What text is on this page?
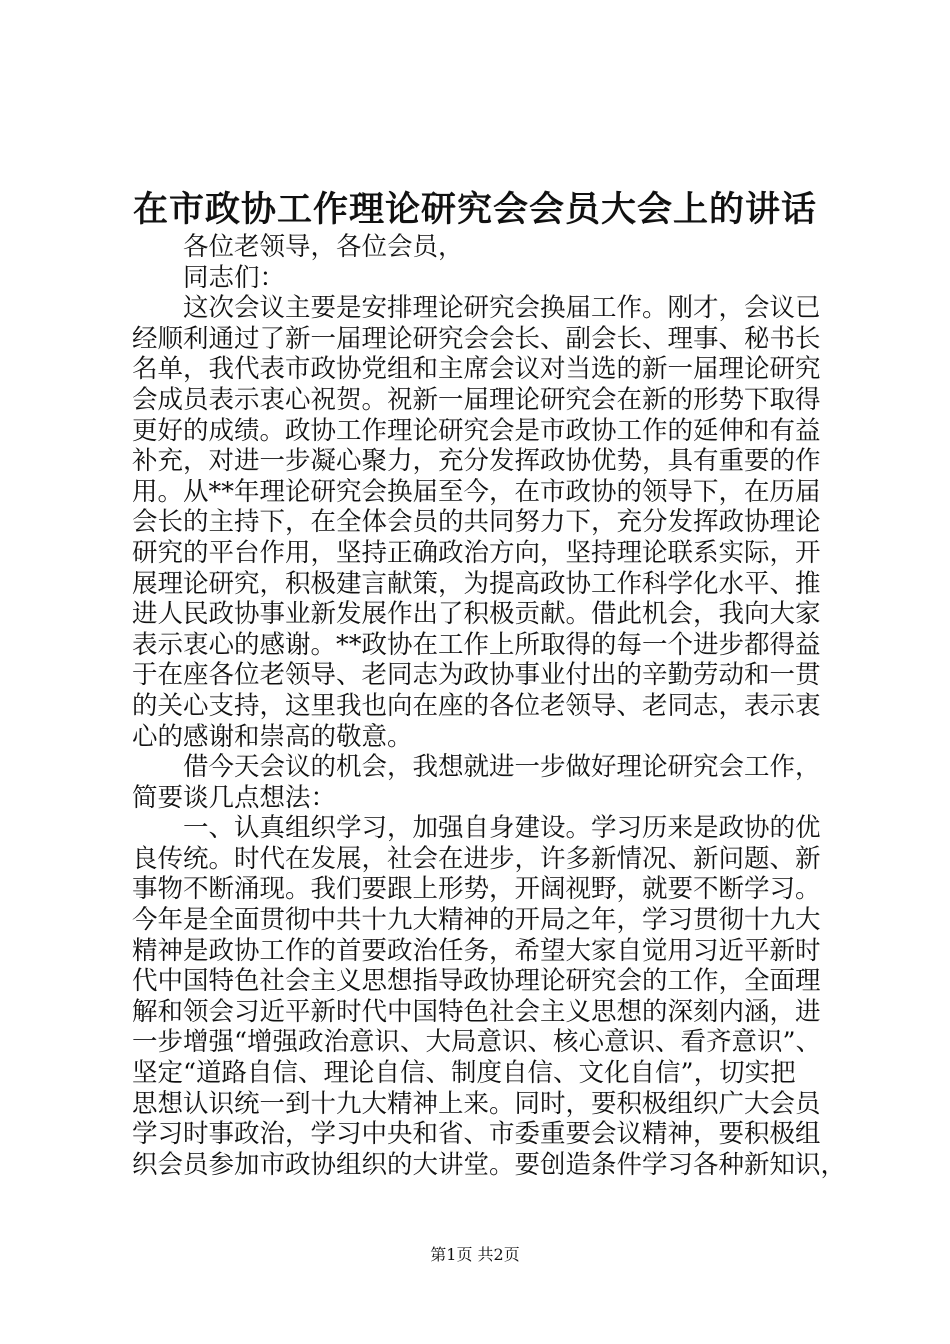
在市政协工作理论研究会会员大会上的讲话
各位老领导，各位会员，
同志们：
这次会议主要是安排理论研究会换届工作。刚才，会议已
经顺利通过了新一届理论研究会会长、副会长、理事、秘书长
名单，我代表市政协党组和主席会议对当选的新一届理论研究
会成员表示衷心祝贺。祝新一届理论研究会在新的形势下取得
更好的成绩。政协工作理论研究会是市政协工作的延伸和有益
补充，对进一步凝心聚力，充分发挥政协优势，具有重要的作
用。从**年理论研究会换届至今，在市政协的领导下，在历届
会长的主持下，在全体会员的共同努力下，充分发挥政协理论
研究的平台作用，坚持正确政治方向，坚持理论联系实际，开
展理论研究，积极建言献策，为提高政协工作科学化水平、推
进人民政协事业新发展作出了积极贡献。借此机会，我向大家
表示衷心的感谢。**政协在工作上所取得的每一个进步都得益
于在座各位老领导、老同志为政协事业付出的辛勤劳动和一贯
的关心支持，这里我也向在座的各位老领导、老同志，表示衷
心的感谢和崇高的敬意。
借今天会议的机会，我想就进一步做好理论研究会工作，
简要谈几点想法：
一、认真组织学习，加强自身建设。学习历来是政协的优
良传统。时代在发展，社会在进步，许多新情况、新问题、新
事物不断涌现。我们要跟上形势，开阔视野，就要不断学习。
今年是全面贯彻中共十九大精神的开局之年，学习贯彻十九大
精神是政协工作的首要政治任务，希望大家自觉用习近平新时
代中国特色社会主义思想指导政协理论研究会的工作，全面理
解和领会习近平新时代中国特色社会主义思想的深刻内涵，进
一步增强“增强政治意识、大局意识、核心意识、看齐意识”、
坚定“道路自信、理论自信、制度自信、文化自信”，切实把
思想认识统一到十九大精神上来。同时，要积极组织广大会员
学习时事政治，学习中央和省、市委重要会议精神，要积极组
织会员参加市政协组织的大讲堂。要创造条件学习各种新知识，
第1页 共2页
